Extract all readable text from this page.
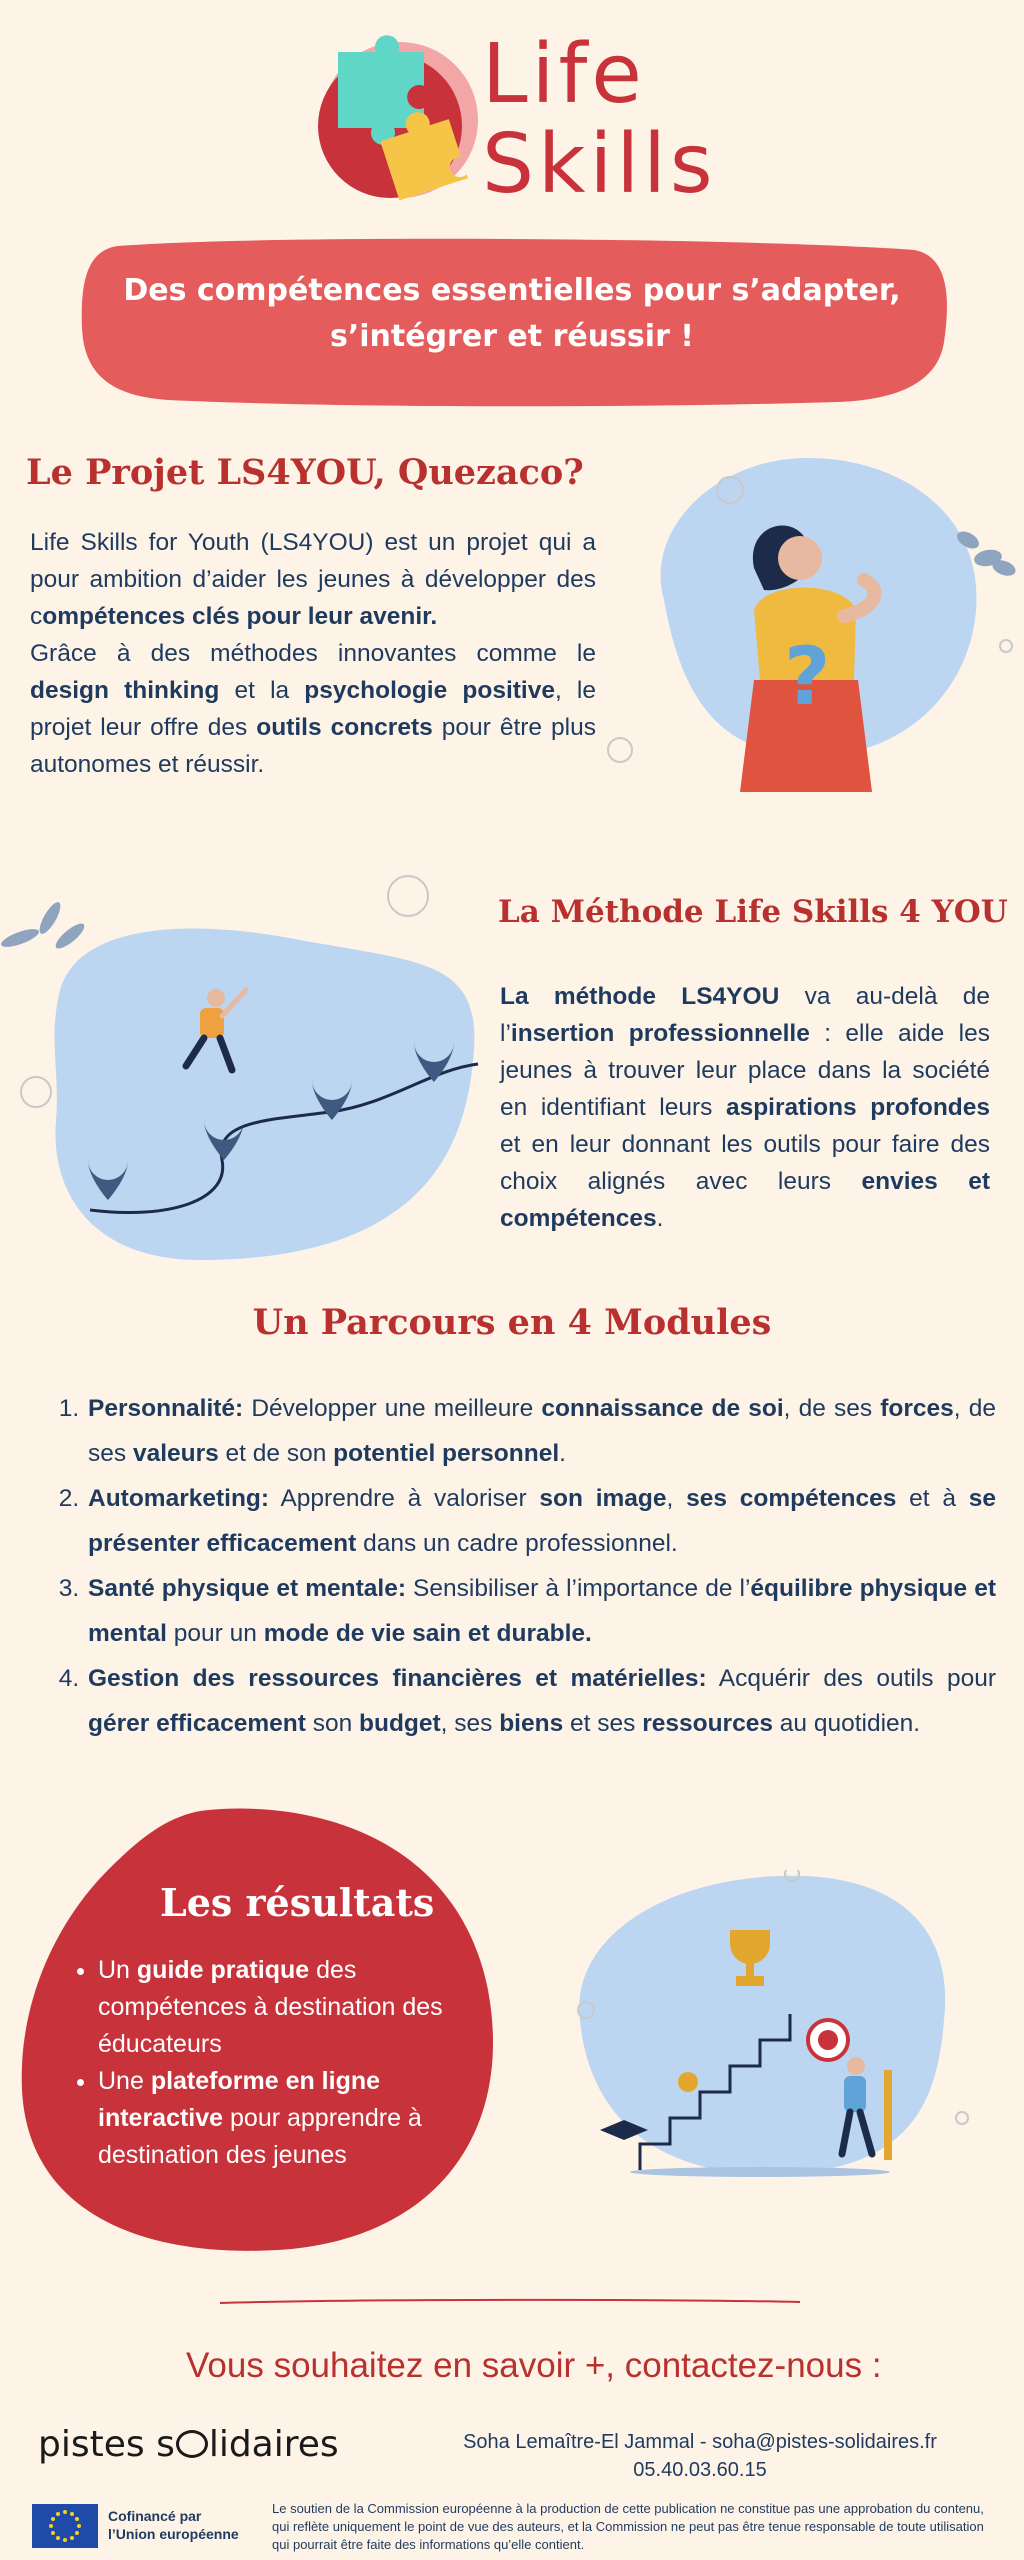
Life
Skills
Des compétences essentielles pour s’adapter,
s’intégrer et réussir !
Le Projet LS4YOU, Quezaco?

Life Skills for Youth (LS4YOU) est un projet qui a pour ambition d’aider les jeunes à développer des compétences clés pour leur avenir.
Grâce à des méthodes innovantes comme le design thinking et la psychologie positive, le projet leur offre des outils concrets pour être plus autonomes et réussir.

?
La Méthode Life Skills 4 YOU

La méthode LS4YOU va au-delà de l’insertion professionnelle : elle aide les jeunes à trouver leur place dans la société en identifiant leurs aspirations profondes et en leur donnant les outils pour faire des choix alignés avec leurs envies et compétences.

Un Parcours en 4 Modules
1. Personnalité: Développer une meilleure connaissance de soi, de ses forces, de ses valeurs et de son potentiel personnel.
2. Automarketing: Apprendre à valoriser son image, ses compétences et à se présenter efficacement dans un cadre professionnel.
3. Santé physique et mentale: Sensibiliser à l’importance de l’équilibre physique et mental pour un mode de vie sain et durable.
4. Gestion des ressources financières et matérielles: Acquérir des outils pour gérer efficacement son budget, ses biens et ses ressources au quotidien.
Les résultats
• Un guide pratique des compétences à destination des éducateurs
• Une plateforme en ligne interactive pour apprendre à destination des jeunes
Vous souhaitez en savoir +, contactez-nous :
pistes s lidaires	Soha Lemaître-El Jammal - soha@pistes-solidaires.fr
05.40.03.60.15
Cofinancé par
l’Union européenne
Le soutien de la Commission européenne à la production de cette publication ne constitue pas une approbation du contenu, qui reflète uniquement le point de vue des auteurs, et la Commission ne peut pas être tenue responsable de toute utilisation qui pourrait être faite des informations qu’elle contient.
